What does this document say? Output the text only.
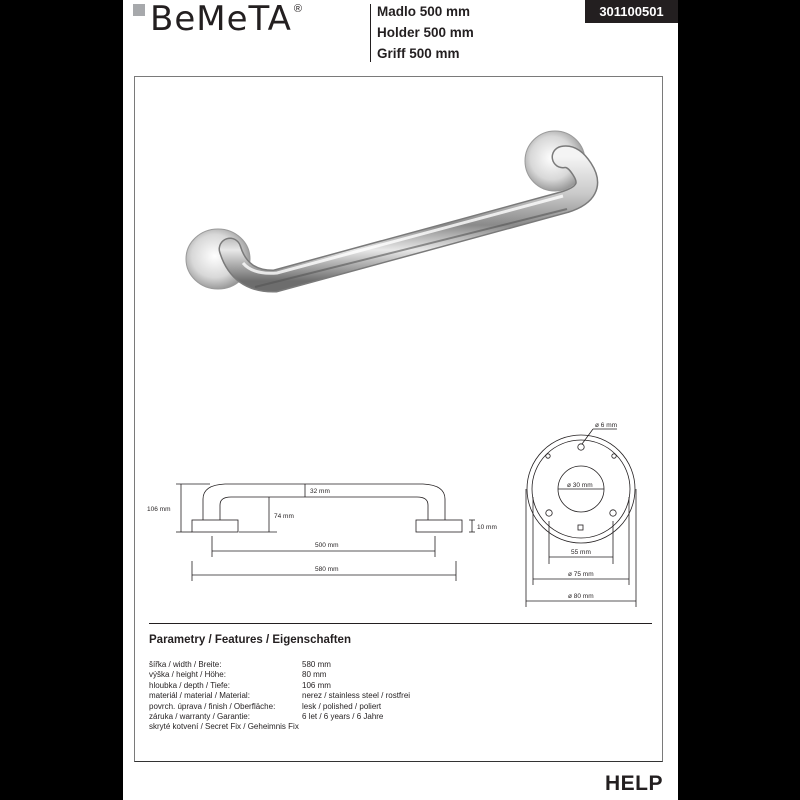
BeMeTA ®	Madlo 500 mm
Holder 500 mm
Griff 500 mm
301100501
106 mm
32 mm
74 mm
10 mm
500 mm
580 mm
ø 6 mm
ø 30 mm
55 mm
ø 75 mm
ø 80 mm
Parametry / Features / Eigenschaften
šířka / width / Breite:	580 mm
výška / height / Höhe:	80 mm
hloubka / depth / Tiefe:	106 mm
materiál / material / Material:	nerez / stainless steel / rostfrei
povrch. úprava / finish / Oberfläche:	lesk / polished / poliert
záruka / warranty / Garantie:	6 let / 6 years / 6 Jahre
skryté kotvení / Secret Fix / Geheimnis Fix
HELP
